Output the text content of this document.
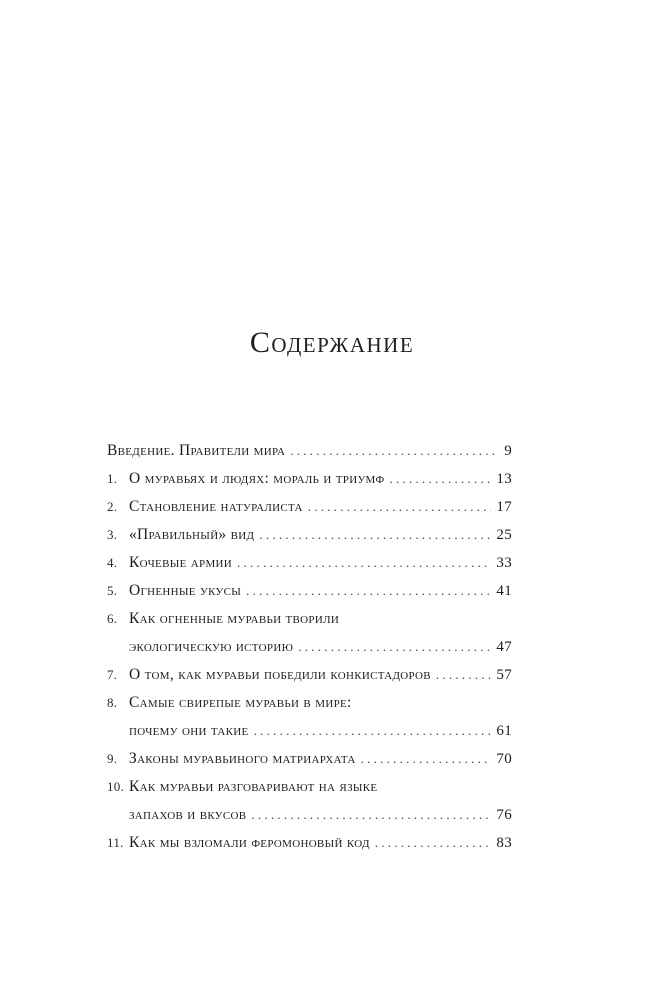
Содержание
Введение. Правители мира . . .	9
1. О муравьях и людях: мораль и триумф . . .	13
2. Становление натуралиста . . .	17
3. «Правильный» вид . . .	25
4. Кочевые армии . . .	33
5. Огненные укусы . . .	41
6. Как огненные муравьи творили
экологическую историю . . .	47
7. О том, как муравьи победили конкистадоров . . .	57
8. Самые свирепые муравьи в мире:
почему они такие . . .	61
9. Законы муравьиного матриархата . . .	70
10. Как муравьи разговаривают на языке
запахов и вкусов . . .	76
11. Как мы взломали феромоновый код . . .	83
